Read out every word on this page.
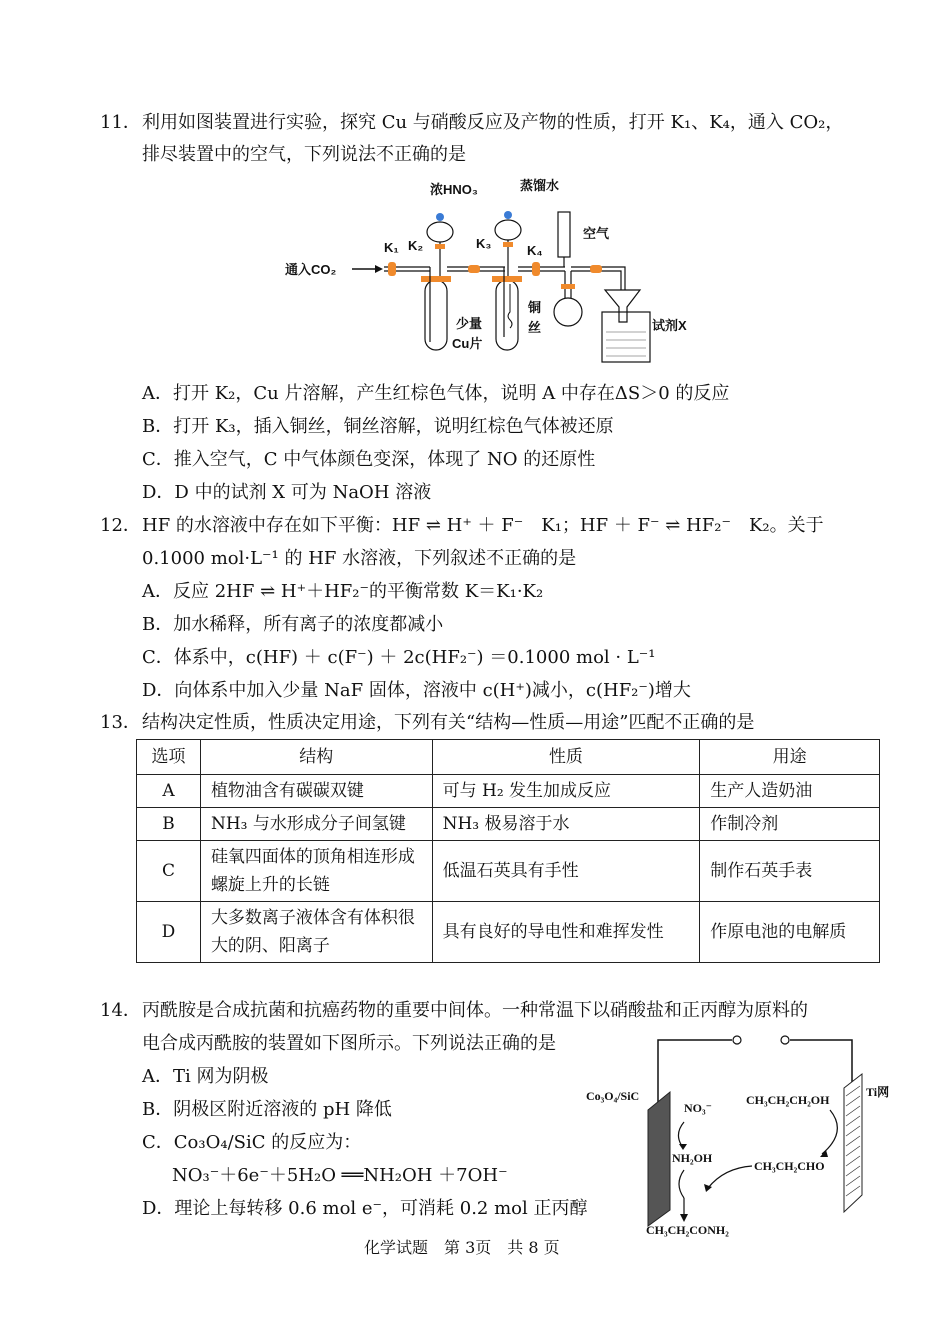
11． 利用如图装置进行实验，探究 Cu 与硝酸反应及产物的性质，打开 K₁、K₄，通入 CO₂，
排尽装置中的空气，下列说法不正确的是
浓HNO₃	蒸馏水
空气
通入CO₂
K₁ K₂	K₃	K₄
少量
Cu片
铜
丝	试剂X
A．打开 K₂，Cu 片溶解，产生红棕色气体，说明 A 中存在ΔS＞0 的反应
B．打开 K₃，插入铜丝，铜丝溶解，说明红棕色气体被还原
C．推入空气，C 中气体颜色变深，体现了 NO 的还原性
D．D 中的试剂 X 可为 NaOH 溶液
12． HF 的水溶液中存在如下平衡：HF ⇌ H⁺ ＋ F⁻　K₁；HF ＋ F⁻ ⇌ HF₂⁻　K₂。关于
0.1000 mol·L⁻¹ 的 HF 水溶液，下列叙述不正确的是
A．反应 2HF ⇌ H⁺＋HF₂⁻的平衡常数 K＝K₁·K₂
B．加水稀释，所有离子的浓度都减小
C．体系中，c(HF) ＋ c(F⁻) ＋ 2c(HF₂⁻) ＝0.1000 mol · L⁻¹
D．向体系中加入少量 NaF 固体，溶液中 c(H⁺)减小，c(HF₂⁻)增大
13． 结构决定性质，性质决定用途，下列有关“结构—性质—用途”匹配不正确的是
选项	结构	性质	用途
A	植物油含有碳碳双键	可与 H₂ 发生加成反应	生产人造奶油
B	NH₃ 与水形成分子间氢键	NH₃ 极易溶于水	作制冷剂
C	硅氧四面体的顶角相连形成螺旋上升的长链	低温石英具有手性	制作石英手表
D	大多数离子液体含有体积很大的阴、阳离子	具有良好的导电性和难挥发性	作原电池的电解质
14． 丙酰胺是合成抗菌和抗癌药物的重要中间体。一种常温下以硝酸盐和正丙醇为原料的
电合成丙酰胺的装置如下图所示。下列说法正确的是
A．Ti 网为阴极
B．阴极区附近溶液的 pH 降低
C．Co₃O₄/SiC 的反应为：
NO₃⁻＋6e⁻＋5H₂O ══NH₂OH ＋7OH⁻
D．理论上每转移 0.6 mol e⁻，可消耗 0.2 mol 正丙醇
Co₃O₄/SiC	Ti网
NO₃⁻
CH₃CH₂CH₂OH
NH₂OH
CH₃CH₂CHO
CH₃CH₂CONH₂
化学试题　第 3页　共 8 页
